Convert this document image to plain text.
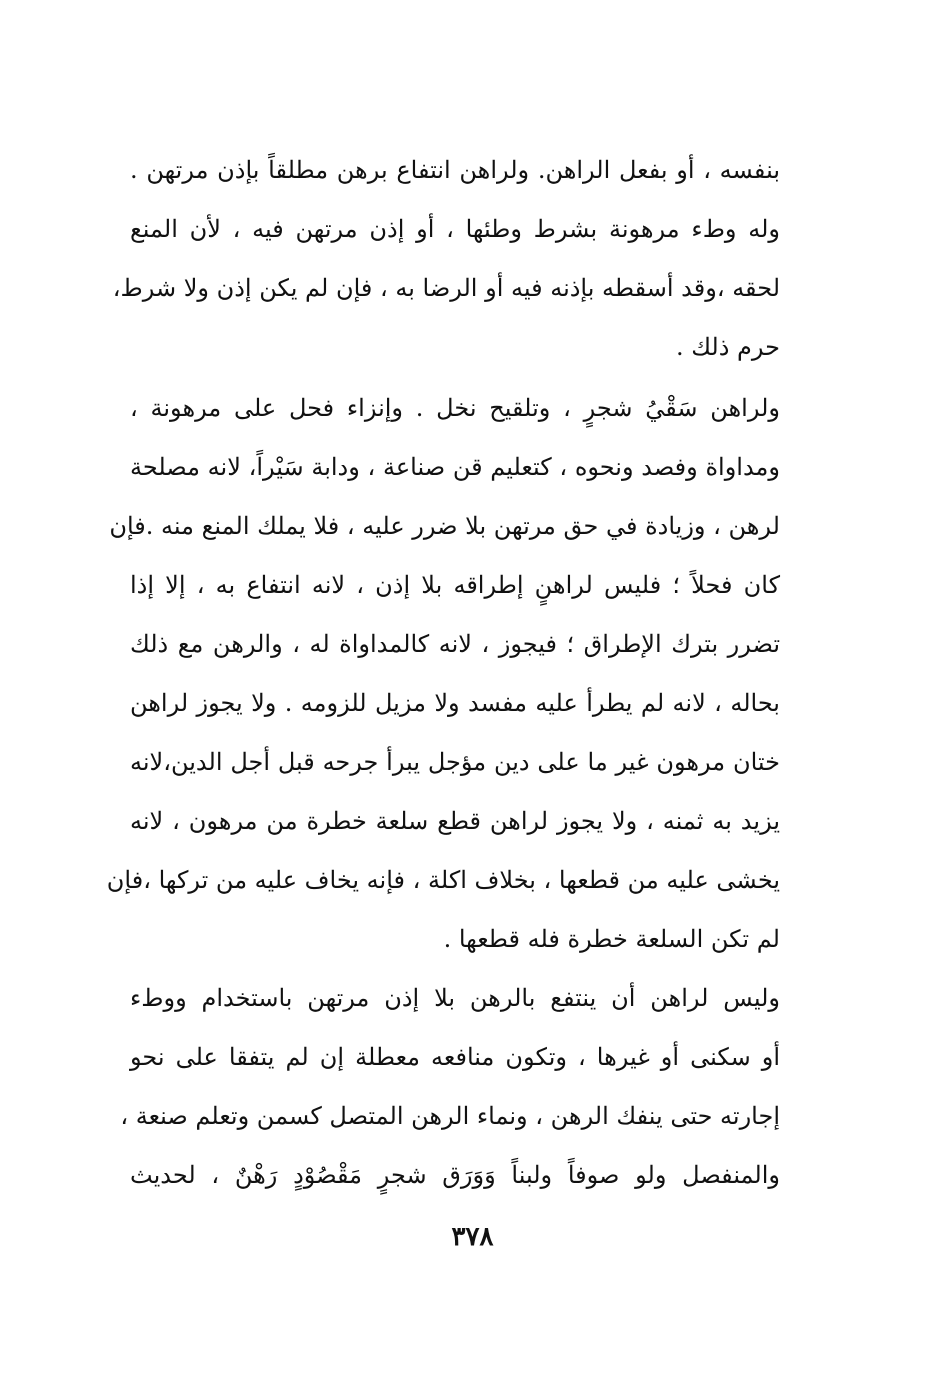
بنفسه ، أو بفعل الراهن. ولراهن انتفاع برهن مطلقاً بإذن مرتهن .
وله وطء مرهونة بشرط وطئها ، أو إذن مرتهن فيه ، لأن المنع
لحقه ،وقد أسقطه بإذنه فيه أو الرضا به ، فإن لم يكن إذن ولا شرط،
حرم ذلك .
ولراهن سَقْيُ شجرٍ ، وتلقيح نخل . وإنزاء فحل على مرهونة ،
ومداواة وفصد ونحوه ، كتعليم قن صناعة ، ودابة سَيْراً، لانه مصلحة
لرهن ، وزيادة في حق مرتهن بلا ضرر عليه ، فلا يملك المنع منه .فإن
كان فحلاً ؛ فليس لراهنٍ إطراقه بلا إذن ، لانه انتفاع به ، إلا إذا
تضرر بترك الإطراق ؛ فيجوز ، لانه كالمداواة له ، والرهن مع ذلك
بحاله ، لانه لم يطرأ عليه مفسد ولا مزيل للزومه . ولا يجوز لراهن
ختان مرهون غير ما على دين مؤجل يبرأ جرحه قبل أجل الدين،لانه
يزيد به ثمنه ، ولا يجوز لراهن قطع سلعة خطرة من مرهون ، لانه
يخشى عليه من قطعها ، بخلاف اكلة ، فإنه يخاف عليه من تركها ،فإن
لم تكن السلعة خطرة فله قطعها .
وليس لراهن أن ينتفع بالرهن بلا إذن مرتهن باستخدام ووطء
أو سكنى أو غيرها ، وتكون منافعه معطلة إن لم يتفقا على نحو
إجارته حتى ينفك الرهن ، ونماء الرهن المتصل كسمن وتعلم صنعة ،
والمنفصل ولو صوفاً ولبناً وَوَرَق شجرٍ مَقْصُوْدٍ رَهْنٌ ، لحديث
٣٧٨
